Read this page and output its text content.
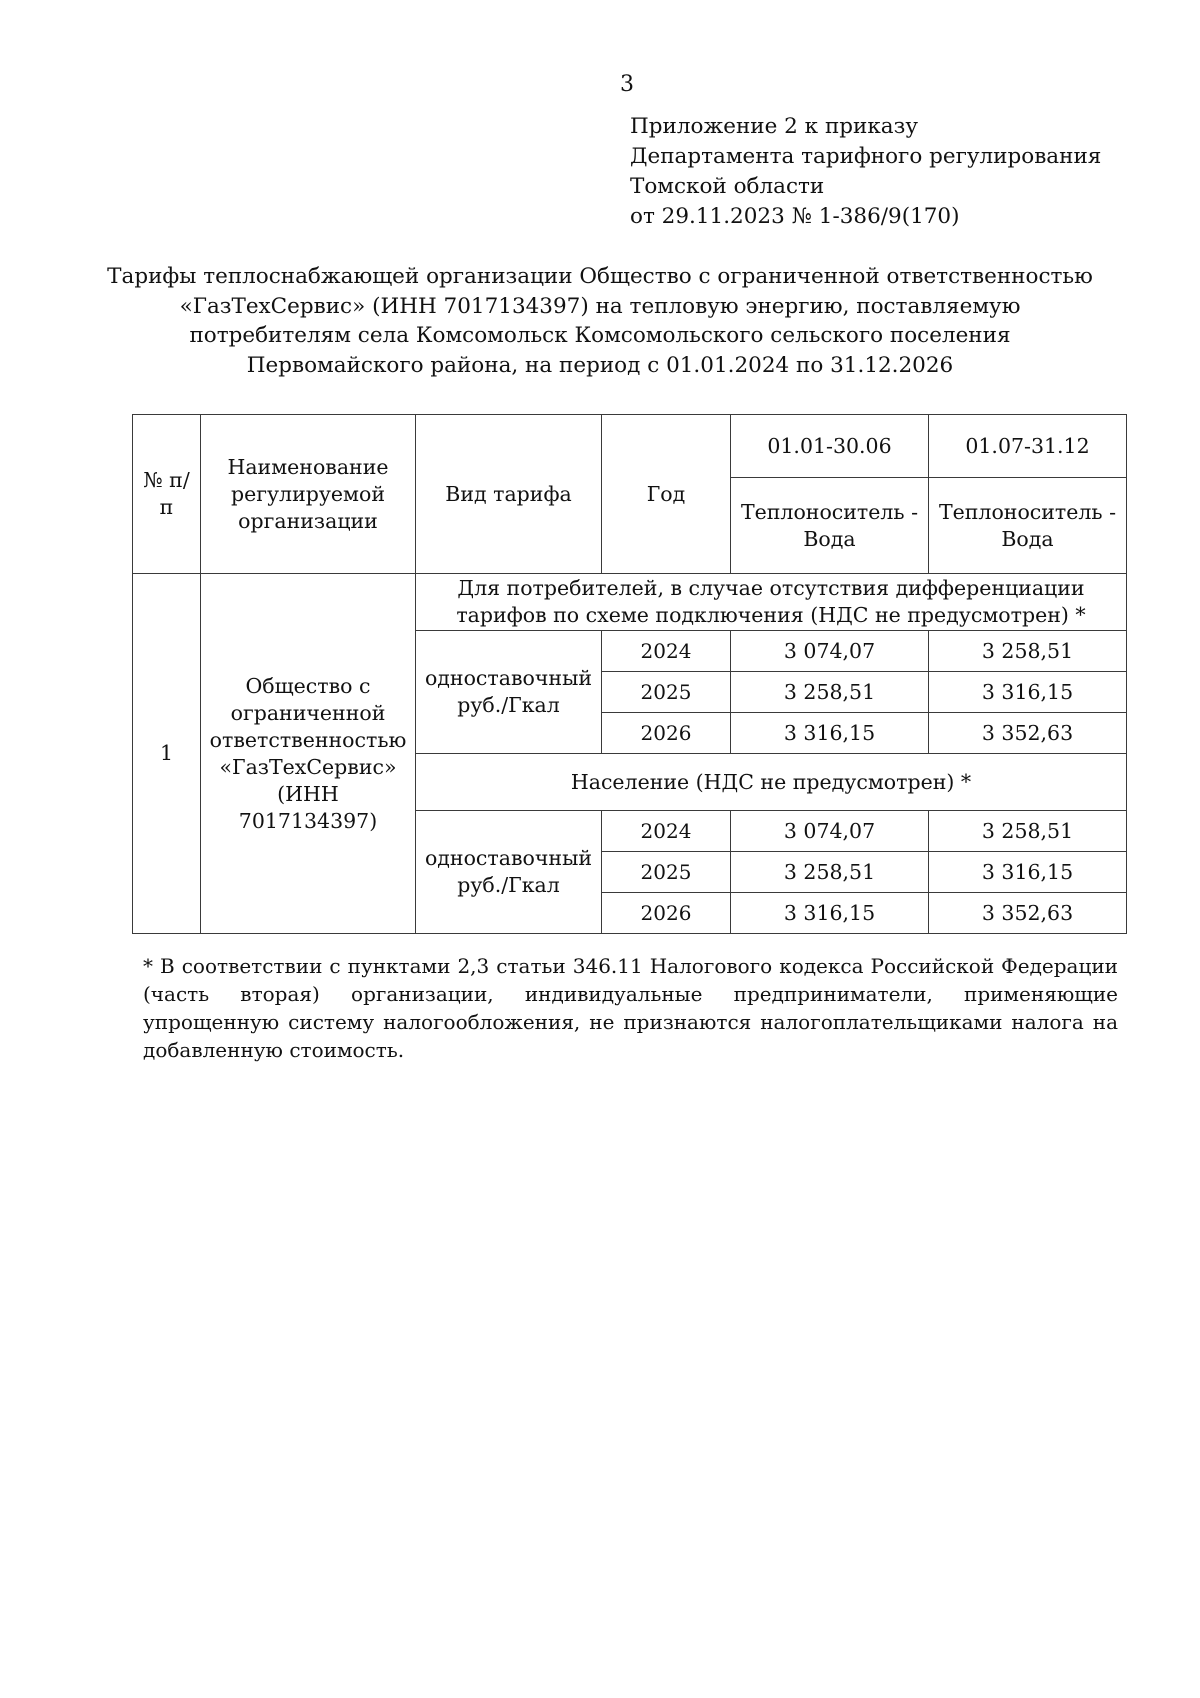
3
Приложение 2 к приказу
Департамента тарифного регулирования
Томской области
от 29.11.2023 № 1-386/9(170)
Тарифы теплоснабжающей организации Общество с ограниченной ответственностью
«ГазТехСервис» (ИНН 7017134397) на тепловую энергию, поставляемую
потребителям села Комсомольск Комсомольского сельского поселения
Первомайского района, на период с 01.01.2024 по 31.12.2026
№ п/п	Наименование регулируемой организации	Вид тарифа	Год	01.01-30.06	01.07-31.12
				Теплоноситель - Вода	Теплоноситель - Вода
1	Общество с ограниченной ответственностью «ГазТехСервис» (ИНН 7017134397)	Для потребителей, в случае отсутствия дифференциации тарифов по схеме подключения (НДС не предусмотрен) *			
		одноставочный руб./Гкал	2024	3 074,07	3 258,51
			2025	3 258,51	3 316,15
			2026	3 316,15	3 352,63
		Население (НДС не предусмотрен) *			
		одноставочный руб./Гкал	2024	3 074,07	3 258,51
			2025	3 258,51	3 316,15
			2026	3 316,15	3 352,63
* В соответствии с пунктами 2,3 статьи 346.11 Налогового кодекса Российской Федерации (часть вторая) организации, индивидуальные предприниматели, применяющие упрощенную систему налогообложения, не признаются налогоплательщиками налога на добавленную стоимость.
